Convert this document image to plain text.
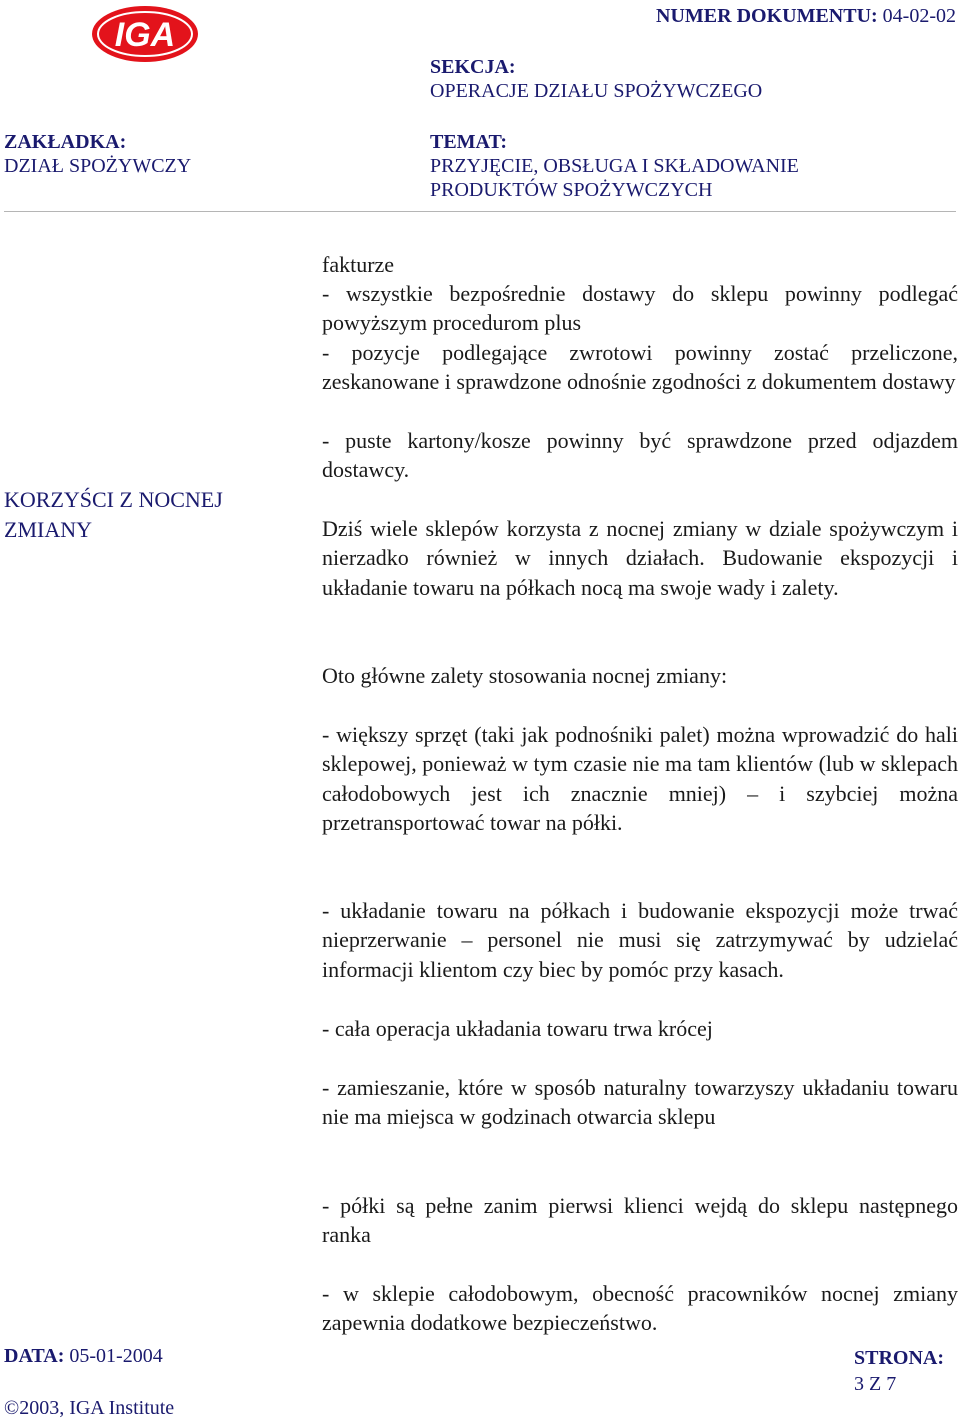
IGA	NUMER DOKUMENTU: 04-02-02
SEKCJA:
OPERACJE DZIAŁU SPOŻYWCZEGO
ZAKŁADKA:
DZIAŁ SPOŻYWCZY
TEMAT:
PRZYJĘCIE, OBSŁUGA I SKŁADOWANIE
PRODUKTÓW SPOŻYWCZYCH
KORZYŚCI Z NOCNEJ
ZMIANY

fakturze

- wszystkie bezpośrednie dostawy do sklepu powinny podlegać powyższym procedurom plus

- pozycje podlegające zwrotowi powinny zostać przeliczone, zeskanowane i sprawdzone odnośnie zgodności z dokumentem dostawy

- puste kartony/kosze powinny być sprawdzone przed odjazdem dostawcy.

Dziś wiele sklepów korzysta z nocnej zmiany w dziale spożywczym i nierzadko również w innych działach. Budowanie ekspozycji i układanie towaru na półkach nocą ma swoje wady i zalety.

Oto główne zalety stosowania nocnej zmiany:

- większy sprzęt (taki jak podnośniki palet) można wprowadzić do hali sklepowej, ponieważ w tym czasie nie ma tam klientów (lub w sklepach całodobowych jest ich znacznie mniej) – i szybciej można przetransportować towar na półki.

- układanie towaru na półkach i budowanie ekspozycji może trwać nieprzerwanie – personel nie musi się zatrzymywać by udzielać informacji klientom czy biec by pomóc przy kasach.

- cała operacja układania towaru trwa krócej

- zamieszanie, które w sposób naturalny towarzyszy układaniu towaru nie ma miejsca w godzinach otwarcia sklepu

- półki są pełne zanim pierwsi klienci wejdą do sklepu następnego ranka

- w sklepie całodobowym, obecność pracowników nocnej zmiany zapewnia dodatkowe bezpieczeństwo.

DATA: 05-01-2004	STRONA:
3 Z 7
©2003, IGA Institute
